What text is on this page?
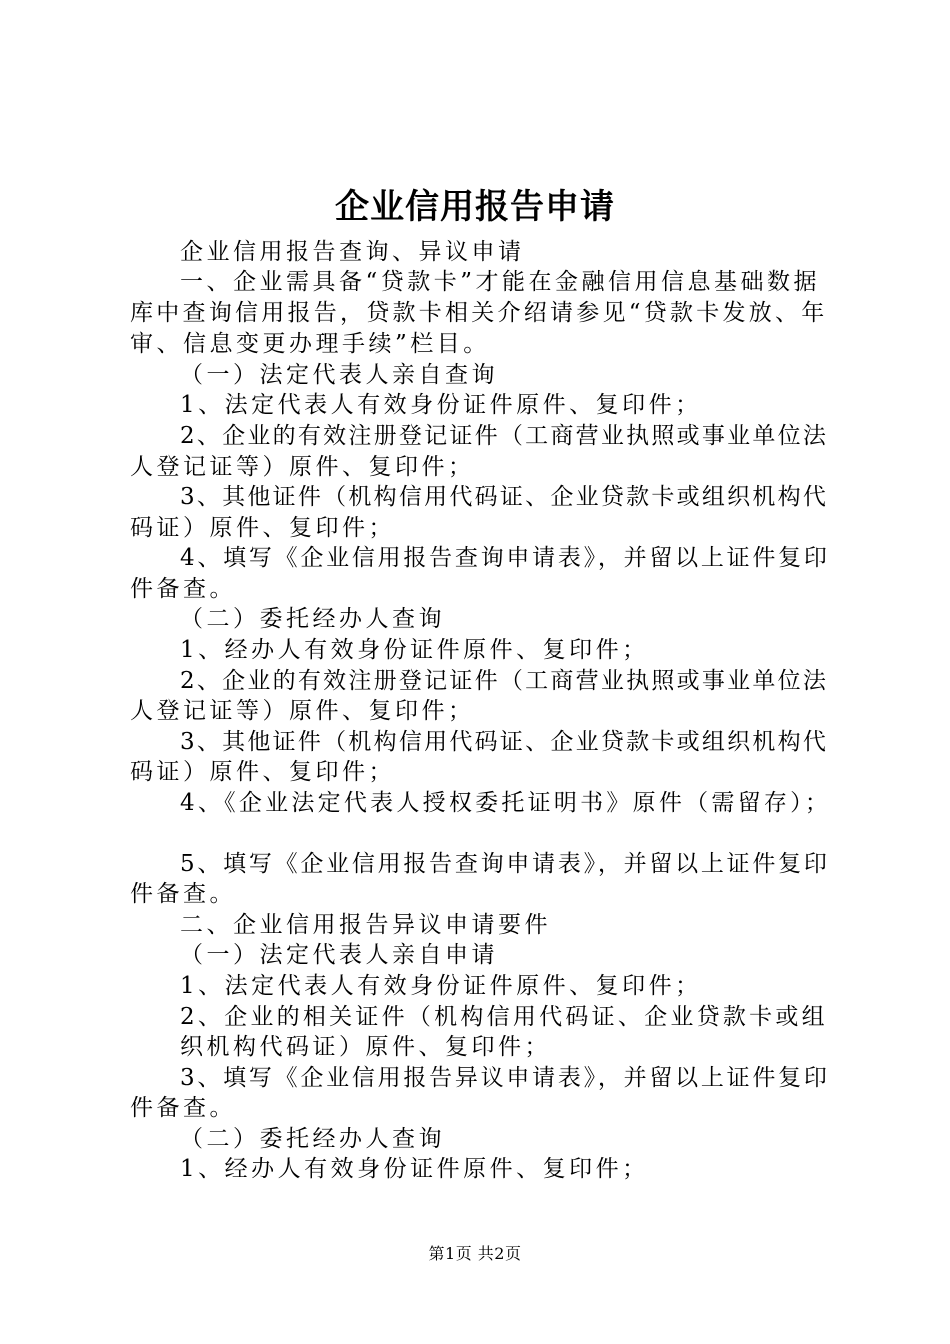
企业信用报告申请
企业信用报告查询、异议申请
一、企业需具备“贷款卡”才能在金融信用信息基础数据
库中查询信用报告，贷款卡相关介绍请参见“贷款卡发放、年
审、信息变更办理手续”栏目。
（一）法定代表人亲自查询
1、法定代表人有效身份证件原件、复印件；
2、企业的有效注册登记证件（工商营业执照或事业单位法
人登记证等）原件、复印件；
3、其他证件（机构信用代码证、企业贷款卡或组织机构代
码证）原件、复印件；
4、填写《企业信用报告查询申请表》，并留以上证件复印
件备查。
（二）委托经办人查询
1、经办人有效身份证件原件、复印件；
2、企业的有效注册登记证件（工商营业执照或事业单位法
人登记证等）原件、复印件；
3、其他证件（机构信用代码证、企业贷款卡或组织机构代
码证）原件、复印件；
4、《企业法定代表人授权委托证明书》原件（需留存）；
5、填写《企业信用报告查询申请表》，并留以上证件复印
件备查。
二、企业信用报告异议申请要件
（一）法定代表人亲自申请
1、法定代表人有效身份证件原件、复印件；
2、企业的相关证件（机构信用代码证、企业贷款卡或组
织机构代码证）原件、复印件；
3、填写《企业信用报告异议申请表》，并留以上证件复印
件备查。
（二）委托经办人查询
1、经办人有效身份证件原件、复印件；
第1页 共2页
